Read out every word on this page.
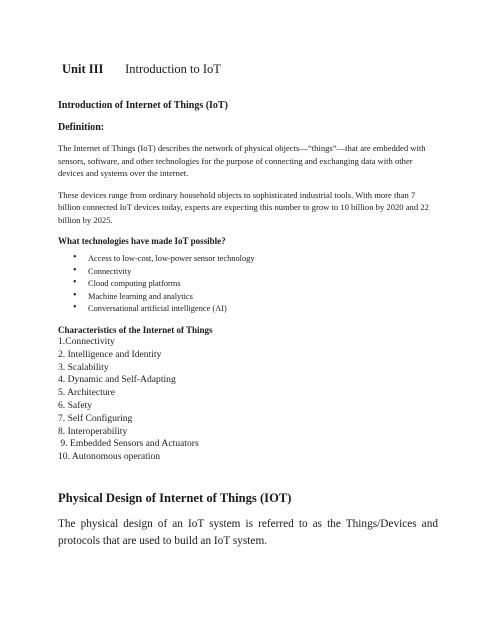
Unit III Introduction to IoT

Introduction of Internet of Things (IoT)

Definition:

The Internet of Things (IoT) describes the network of physical objects—“things”—that are embedded with sensors, software, and other technologies for the purpose of connecting and exchanging data with other devices and systems over the internet.

These devices range from ordinary household objects to sophisticated industrial tools. With more than 7 billion connected IoT devices today, experts are expecting this number to grow to 10 billion by 2020 and 22 billion by 2025.

What technologies have made IoT possible?

• Access to low-cost, low-power sensor technology
• Connectivity
• Cloud computing platforms
• Machine learning and analytics
• Conversational artificial intelligence (AI)

Characteristics of the Internet of Things

1.Connectivity
2. Intelligence and Identity
3. Scalability
4. Dynamic and Self-Adapting
5. Architecture
6. Safety
7. Self Configuring
8. Interoperability
9. Embedded Sensors and Actuators
10. Autonomous operation

Physical Design of Internet of Things (IOT)

The physical design of an IoT system is referred to as the Things/Devices and protocols that are used to build an IoT system.
